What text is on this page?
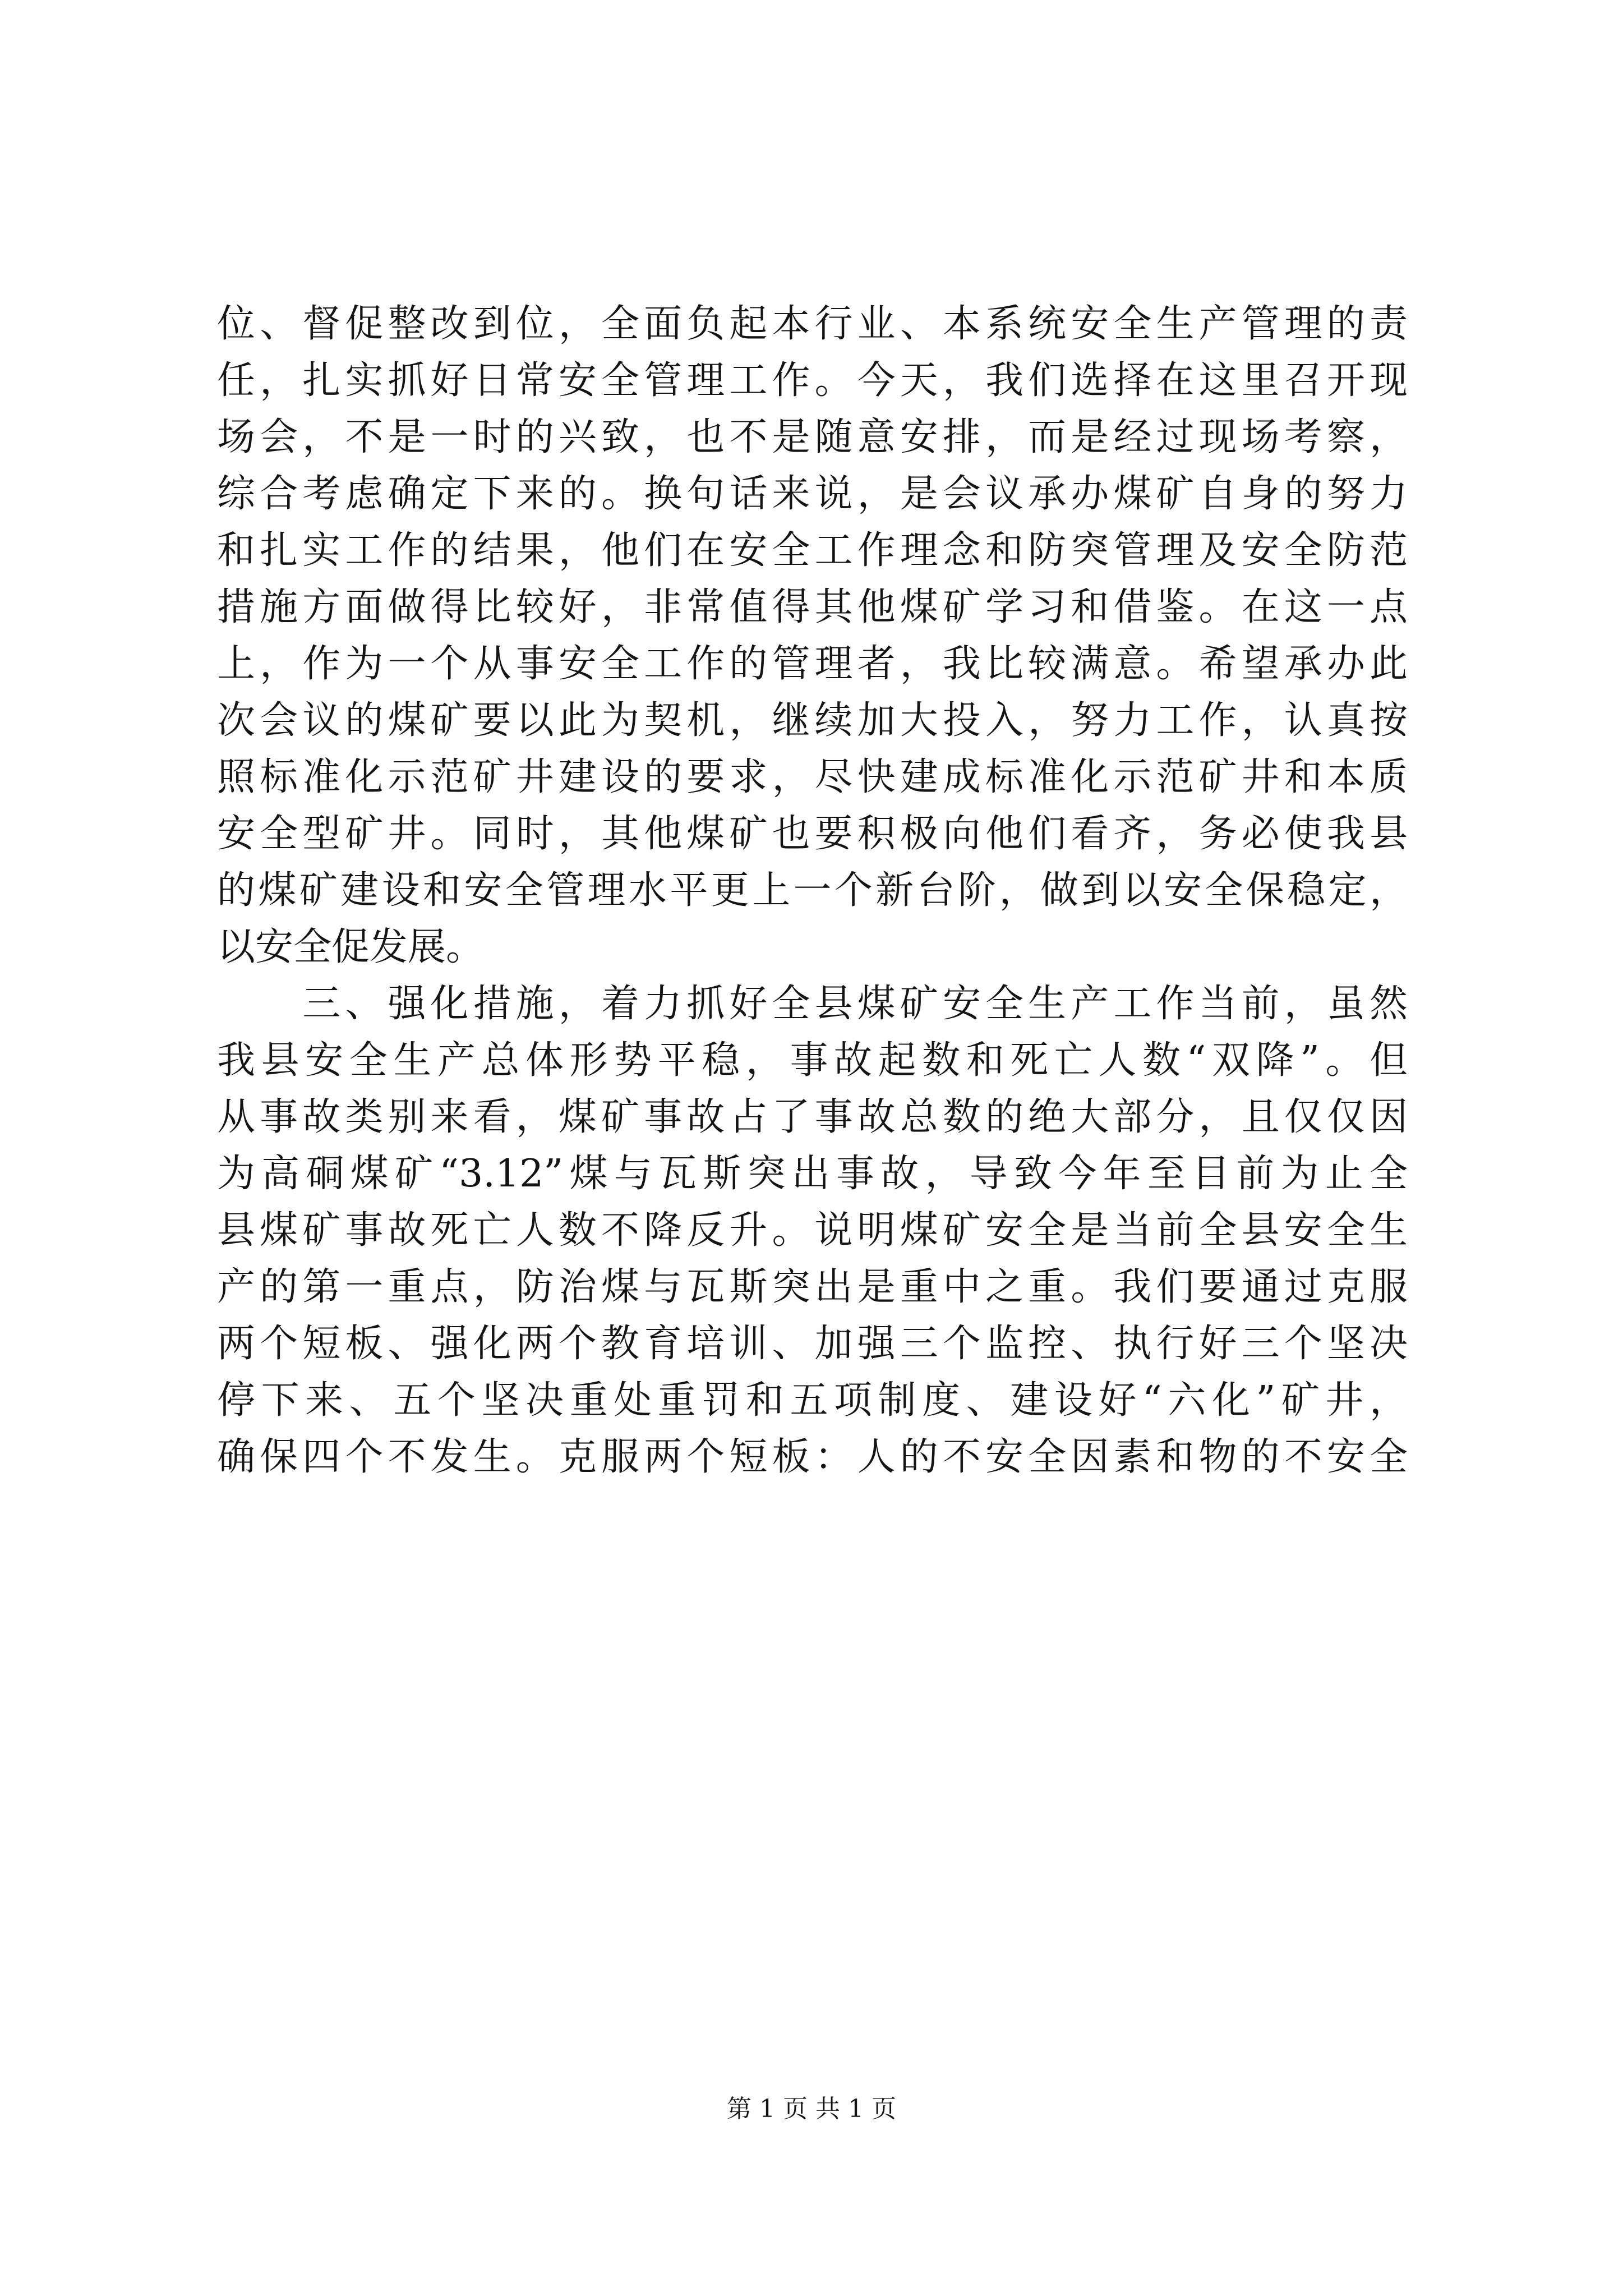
位、督促整改到位，全面负起本行业、本系统安全生产管理的责
任，扎实抓好日常安全管理工作。今天，我们选择在这里召开现
场会，不是一时的兴致，也不是随意安排，而是经过现场考察，
综合考虑确定下来的。换句话来说，是会议承办煤矿自身的努力
和扎实工作的结果，他们在安全工作理念和防突管理及安全防范
措施方面做得比较好，非常值得其他煤矿学习和借鉴。在这一点
上，作为一个从事安全工作的管理者，我比较满意。希望承办此
次会议的煤矿要以此为契机，继续加大投入，努力工作，认真按
照标准化示范矿井建设的要求，尽快建成标准化示范矿井和本质
安全型矿井。同时，其他煤矿也要积极向他们看齐，务必使我县
的煤矿建设和安全管理水平更上一个新台阶，做到以安全保稳定，
以安全促发展。
　　三、强化措施，着力抓好全县煤矿安全生产工作当前，虽然
我县安全生产总体形势平稳，事故起数和死亡人数“双降”。但
从事故类别来看，煤矿事故占了事故总数的绝大部分，且仅仅因
为高硐煤矿“3.12”煤与瓦斯突出事故，导致今年至目前为止全
县煤矿事故死亡人数不降反升。说明煤矿安全是当前全县安全生
产的第一重点，防治煤与瓦斯突出是重中之重。我们要通过克服
两个短板、强化两个教育培训、加强三个监控、执行好三个坚决
停下来、五个坚决重处重罚和五项制度、建设好“六化”矿井，
确保四个不发生。克服两个短板：人的不安全因素和物的不安全
第 1 页 共 1 页
